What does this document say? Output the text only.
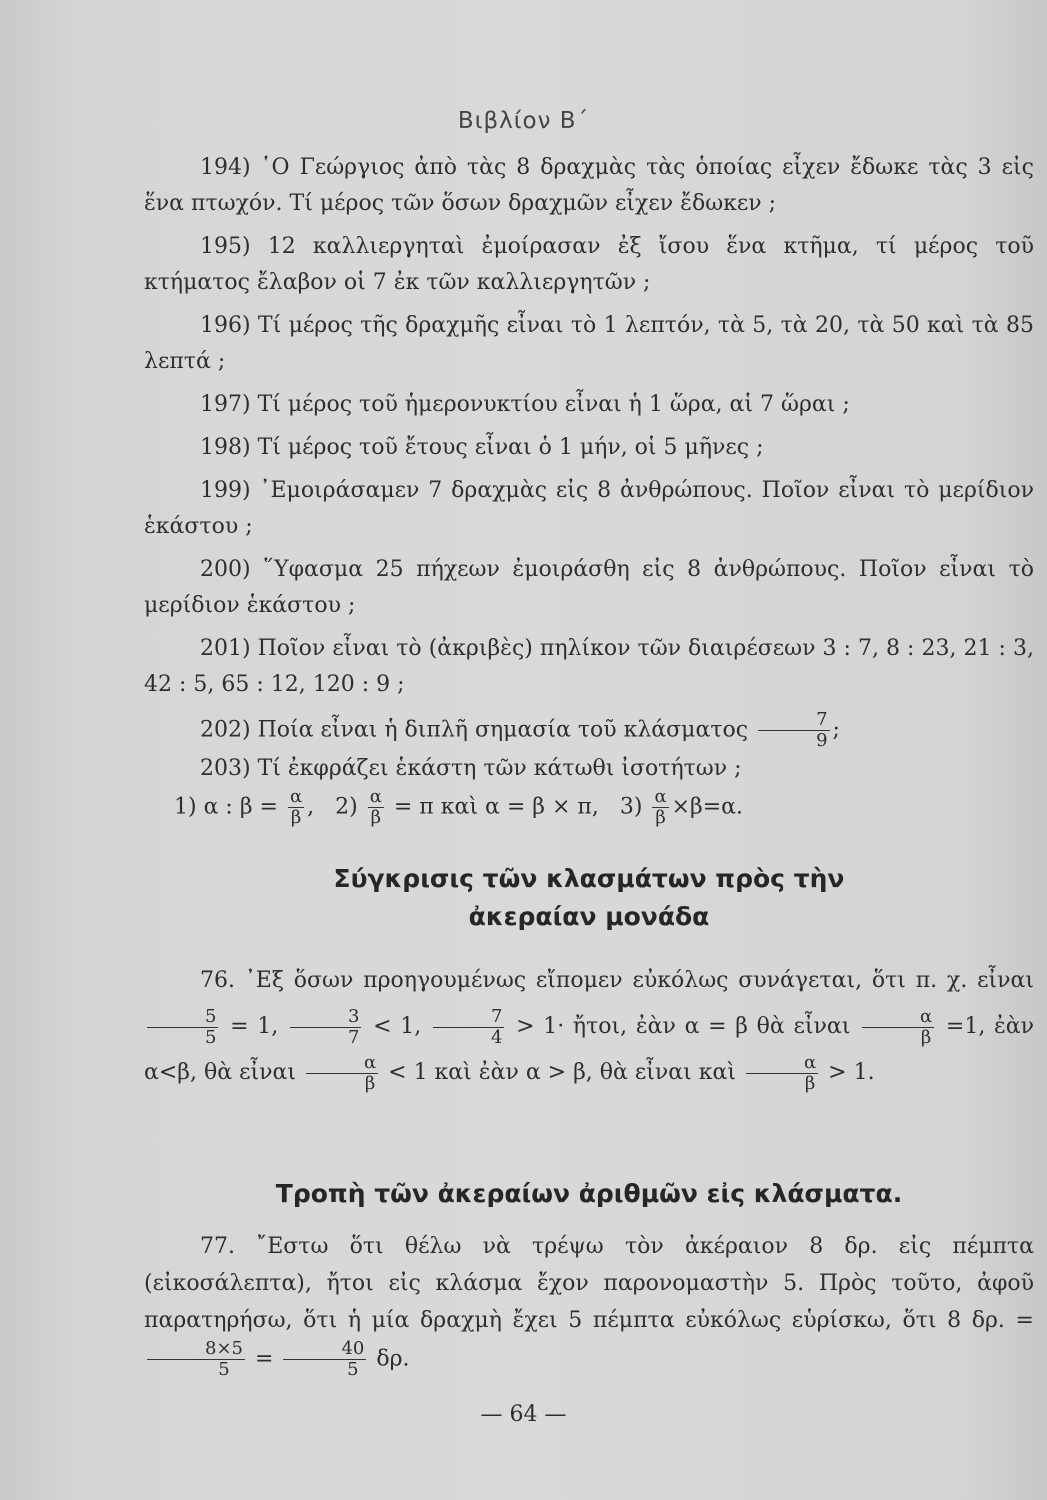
Βιβλίον Β΄

194) ῾Ο Γεώργιος ἀπὸ τὰς 8 δραχμὰς τὰς ὁποίας εἶχεν ἔδωκε τὰς 3 εἰς ἕνα πτωχόν. Τί μέρος τῶν ὅσων δραχμῶν εἶχεν ἔδωκεν ;

195) 12 καλλιεργηταὶ ἐμοίρασαν ἐξ ἴσου ἕνα κτῆμα, τί μέρος τοῦ κτήματος ἔλαβον οἱ 7 ἐκ τῶν καλλιεργητῶν ;

196) Τί μέρος τῆς δραχμῆς εἶναι τὸ 1 λεπτόν, τὰ 5, τὰ 20, τὰ 50 καὶ τὰ 85 λεπτά ;

197) Τί μέρος τοῦ ἡμερονυκτίου εἶναι ἡ 1 ὥρα, αἱ 7 ὥραι ;

198) Τί μέρος τοῦ ἔτους εἶναι ὁ 1 μήν, οἱ 5 μῆνες ;

199) ᾿Εμοιράσαμεν 7 δραχμὰς εἰς 8 ἀνθρώπους. Ποῖον εἶναι τὸ μερίδιον ἑκάστου ;

200) ῞Υφασμα 25 πήχεων ἐμοιράσθη εἰς 8 ἀνθρώπους. Ποῖον εἶναι τὸ μερίδιον ἑκάστου ;

201) Ποῖον εἶναι τὸ (ἀκριβὲς) πηλίκον τῶν διαιρέσεων 3 : 7, 8 : 23, 21 : 3, 42 : 5, 65 : 12, 120 : 9 ;

202) Ποία εἶναι ἡ διπλῆ σημασία τοῦ κλάσματος $\frac{7}{9}$ ;

203) Τί ἐκφράζει ἑκάστη τῶν κάτωθι ἰσοτήτων ;

1) α : $\beta = \frac{\alpha}{\beta}$ , $2) \frac{\alpha}{\beta} = \pi$ καὶ α = β × π, $3) \frac{\alpha}{\beta} \times\beta=\alpha$.

Σύγκρισις τῶν κλασμάτων πρὸς τὴν

ἀκεραίαν μονάδα

76. ᾿Εξ ὅσων προηγουμένως εἴπομεν εὐκόλως συνάγεται, ὅτι π. χ. εἶναι
$\frac{5}{5} = 1$, $\frac{3}{7} < 1$, $\frac{7}{4} > 1\cdot$ ἤτοι, ἐὰν α = β θὰ εἶναι $\frac{\alpha}{\beta} =1$, ἐὰν α<β, θὰ εἶναι $\frac{\alpha}{\beta} < 1$ καὶ ἐὰν α > β, θὰ εἶναι καὶ $\frac{\alpha}{\beta} > 1$.

Τροπὴ τῶν ἀκεραίων ἀριθμῶν εἰς κλάσματα.

77. ῎Εστω ὅτι θέλω νὰ τρέψω τὸν ἀκέραιον 8 δρ. εἰς πέμπτα (εἰκοσάλεπτα), ἤτοι εἰς κλάσμα ἔχον παρονομαστὴν 5. Πρὸς τοῦτο, ἀφοῦ παρατηρήσω, ὅτι ἡ μία δραχμὴ ἔχει 5 πέμπτα εὐκόλως εὑρίσκω, ὅτι 8 δρ. =
$\frac{8\times 5}{5} = \frac{40}{5} \delta\rho$.

— 64 —
